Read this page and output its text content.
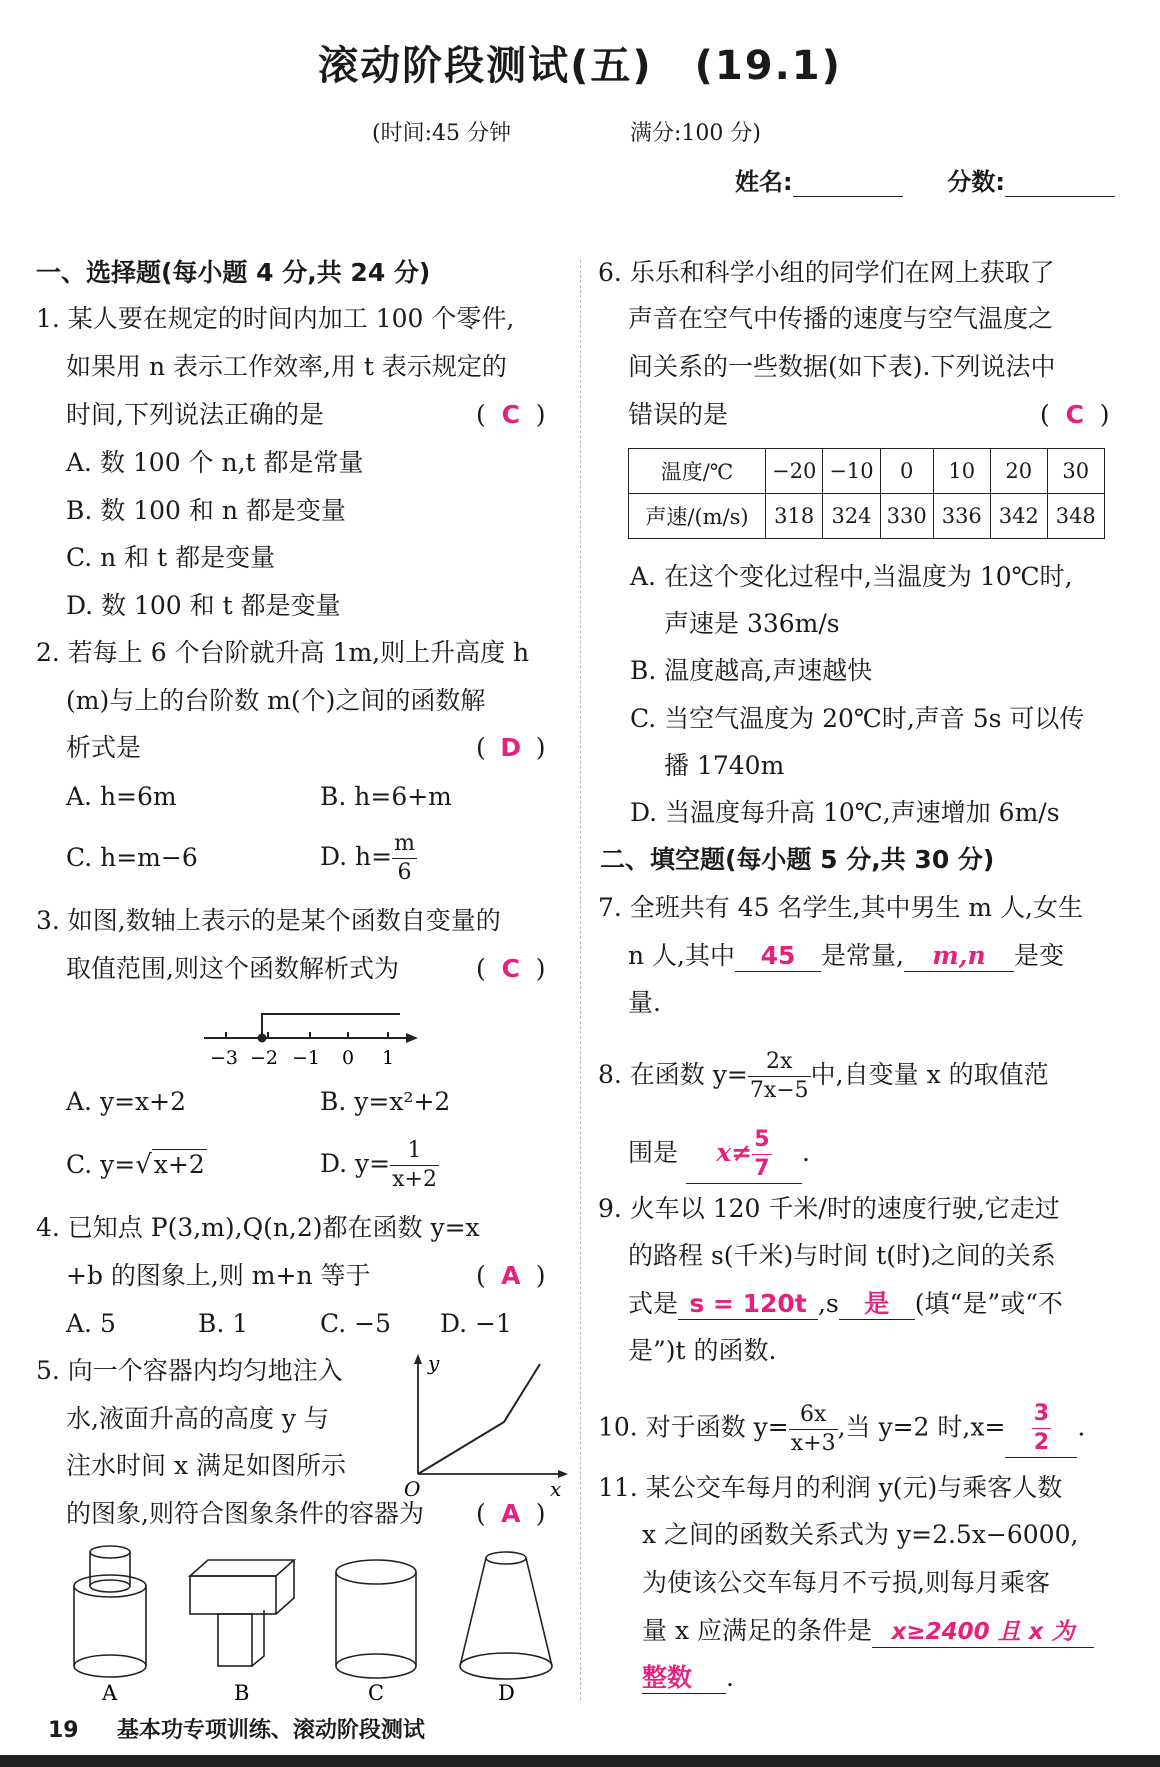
滚动阶段测试(五)　(19.1)
(时间:45 分钟	满分:100 分)
姓名:	分数:
一、选择题(每小题 4 分,共 24 分)
1. 某人要在规定的时间内加工 100 个零件,
如果用 n 表示工作效率,用 t 表示规定的
时间,下列说法正确的是	( C )
A. 数 100 个 n,t 都是常量
B. 数 100 和 n 都是变量
C. n 和 t 都是变量
D. 数 100 和 t 都是变量
2. 若每上 6 个台阶就升高 1m,则上升高度 h
(m)与上的台阶数 m(个)之间的函数解
析式是	( D )
A. h=6m	B. h=6+m
C. h=m−6	D. $h= \frac{m}{6}$
3. 如图,数轴上表示的是某个函数自变量的
取值范围,则这个函数解析式为	( C )
−3 −2 −1 0 1
A. y=x+2	B. y=x²+2
C. y=√x+2	D. $y= \frac{1}{x+2}$
4. 已知点 P(3,m),Q(n,2)都在函数 y=x
+b 的图象上,则 m+n 等于	( A )
A. 5	B. 1	C. −5 D. −1
5. 向一个容器内均匀地注入
水,液面升高的高度 y 与
注水时间 x 满足如图所示
的图象,则符合图象条件的容器为 ( A )
y
x
O
A	B	C	D
6. 乐乐和科学小组的同学们在网上获取了
声音在空气中传播的速度与空气温度之
间关系的一些数据(如下表).下列说法中
错误的是	( C )
温度/℃	−20	−10	0	10	20	30
声速/(m/s)	318	324	330	336	342	348
A. 在这个变化过程中,当温度为 10℃时,
声速是 336m/s
B. 温度越高,声速越快
C. 当空气温度为 20℃时,声音 5s 可以传
播 1740m
D. 当温度每升高 10℃,声速增加 6m/s
二、填空题(每小题 5 分,共 30 分)
7. 全班共有 45 名学生,其中男生 m 人,女生
n 人,其中 45 是常量, m,n 是变
量.
8. 在函数 $y= \frac{2x}{7x-5}$ 中,自变量 x 的取值范
围是 $x\ne \frac{5}{7}$ .
9. 火车以 120 千米/时的速度行驶,它走过
的路程 s(千米)与时间 t(时)之间的关系
式是 s = 120t ,s 是 (填“是”或“不
是”)t 的函数.
10. 对于函数 $y= \frac{6x}{x+3}$ ,当 y=2 时$,x= \frac{3}{2}$ .
11. 某公交车每月的利润 y(元)与乘客人数
x 之间的函数关系式为 y=2.5x−6000,
为使该公交车每月不亏损,则每月乘客
量 x 应满足的条件是 x≥2400 且 x 为
整数 .
19 基本功专项训练、滚动阶段测试
